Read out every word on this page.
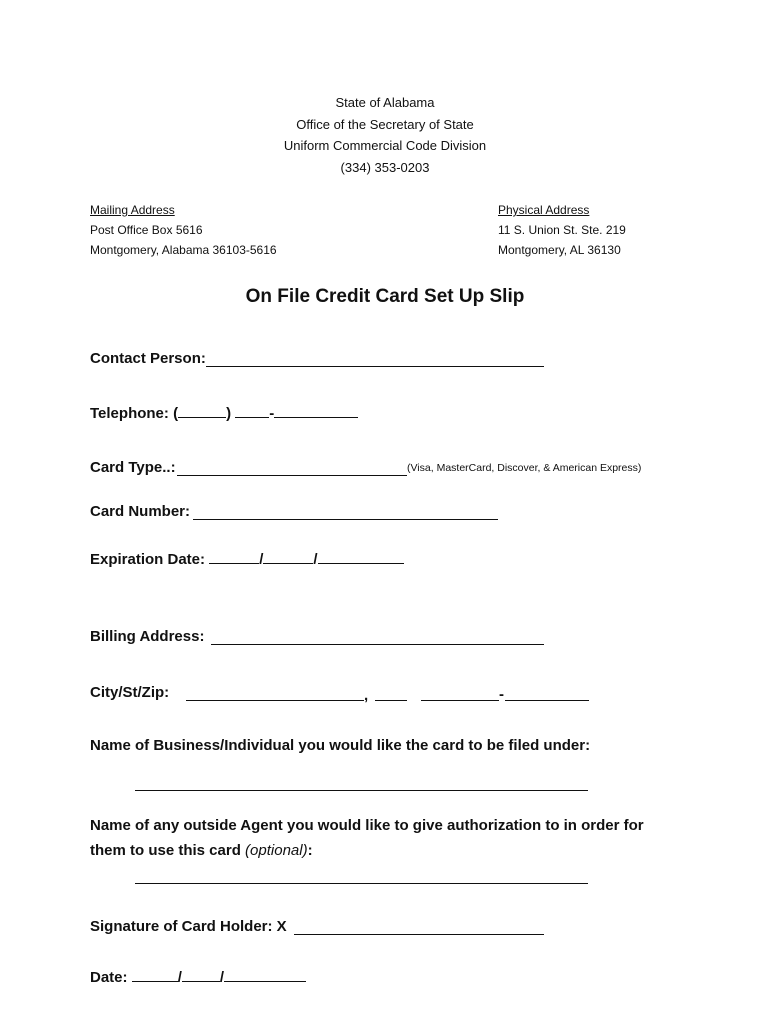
State of Alabama
Office of the Secretary of State
Uniform Commercial Code Division
(334) 353-0203
Mailing Address
Post Office Box 5616
Montgomery, Alabama 36103-5616
Physical Address
11 S. Union St. Ste. 219
Montgomery, AL 36130
On File Credit Card Set Up Slip
Contact Person:
Telephone: (	)	-
Card Type..:	(Visa, MasterCard, Discover, & American Express)
Card Number:
Expiration Date:	/	/
Billing Address:
City/St/Zip:	,	-
Name of Business/Individual you would like the card to be filed under:
Name of any outside Agent you would like to give authorization to in order for
them to use this card (optional):
Signature of Card Holder: X
Date:	/	/
